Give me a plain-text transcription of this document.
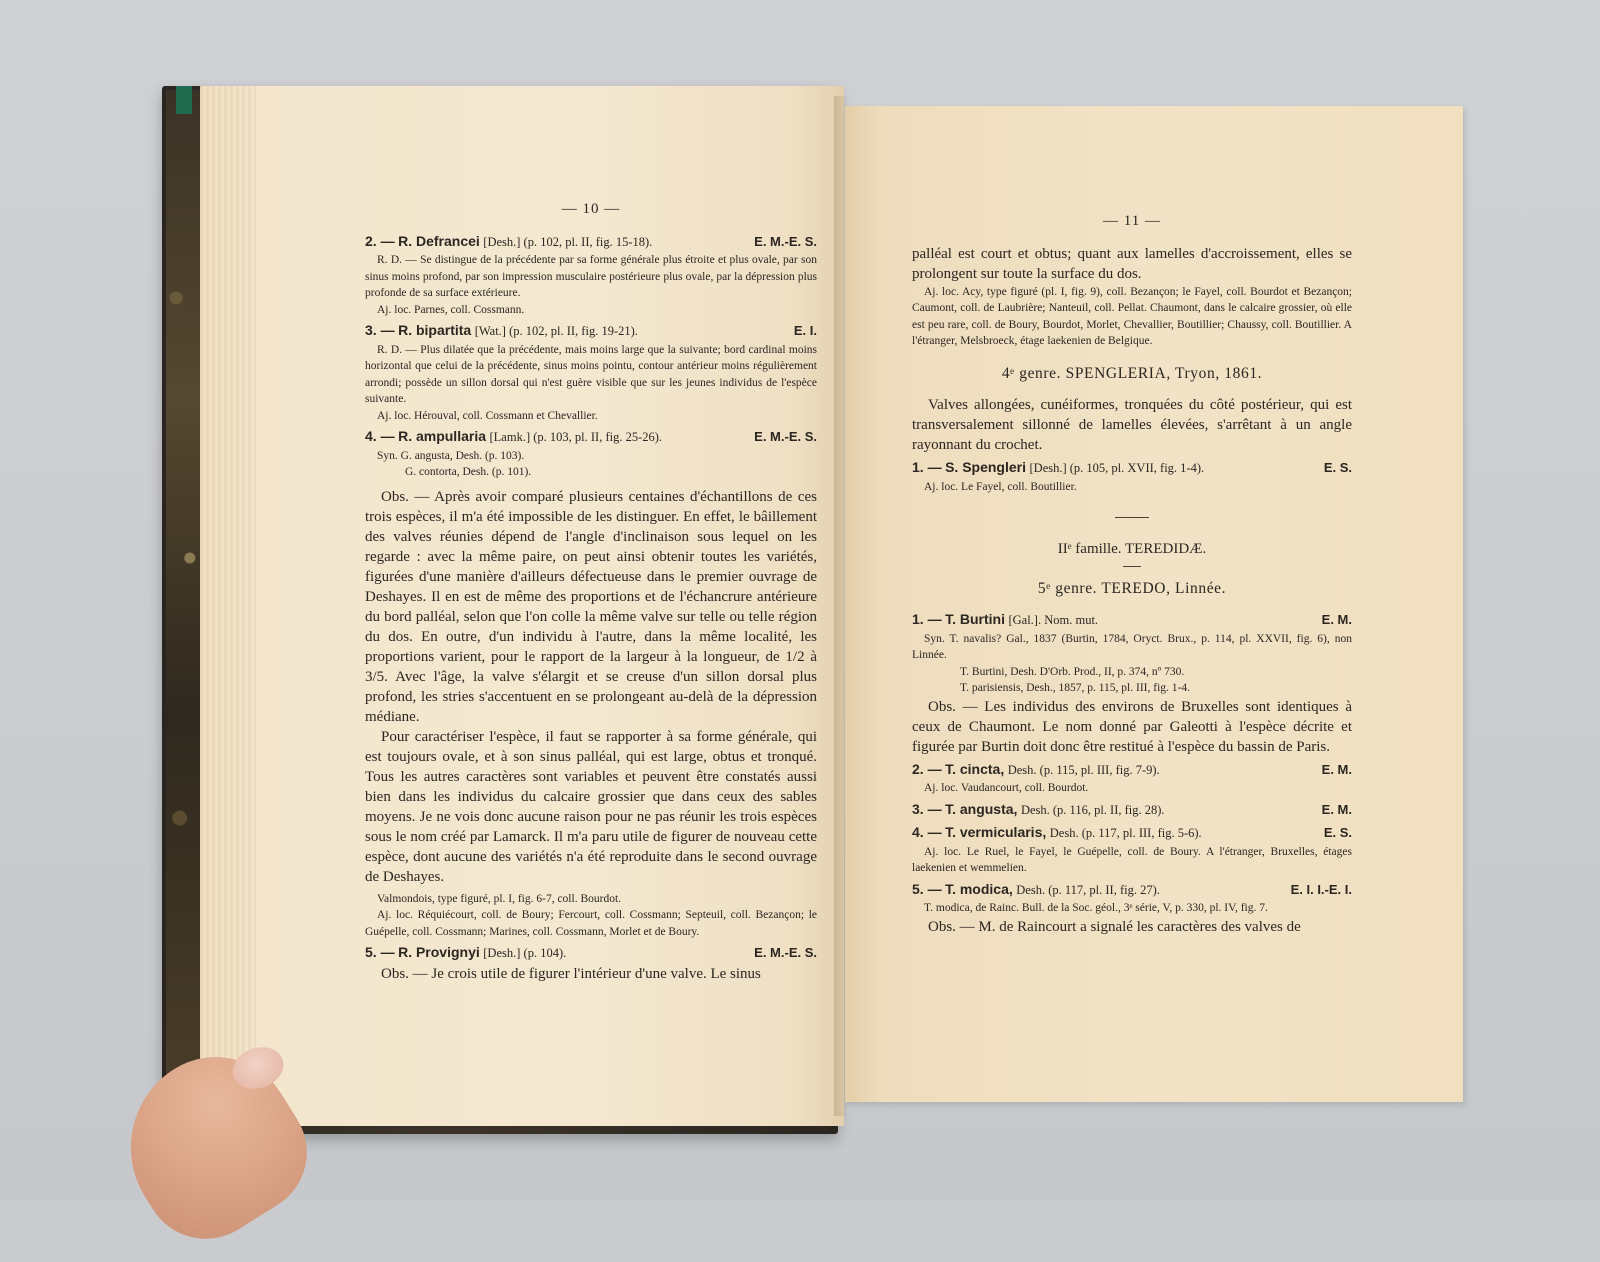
— 10 —
2. — R. Defrancei [Desh.] (p. 102, pl. II, fig. 15-18).	E. M.-E. S.
R. D. — Se distingue de la précédente par sa forme générale plus étroite et plus ovale, par son sinus moins profond, par son impression musculaire postérieure plus ovale, par la dépression plus profonde de sa surface extérieure.
Aj. loc. Parnes, coll. Cossmann.
3. — R. bipartita [Wat.] (p. 102, pl. II, fig. 19-21).	E. I.
R. D. — Plus dilatée que la précédente, mais moins large que la suivante; bord cardinal moins horizontal que celui de la précédente, sinus moins pointu, contour antérieur moins régulièrement arrondi; possède un sillon dorsal qui n'est guère visible que sur les jeunes individus de l'espèce suivante.
Aj. loc. Hérouval, coll. Cossmann et Chevallier.
4. — R. ampullaria [Lamk.] (p. 103, pl. II, fig. 25-26).	E. M.-E. S.
Syn. G. angusta, Desh. (p. 103).
G. contorta, Desh. (p. 101).
Obs. — Après avoir comparé plusieurs centaines d'échantillons de ces trois espèces, il m'a été impossible de les distinguer. En effet, le bâillement des valves réunies dépend de l'angle d'inclinaison sous lequel on les regarde : avec la même paire, on peut ainsi obtenir toutes les variétés, figurées d'une manière d'ailleurs défectueuse dans le premier ouvrage de Deshayes. Il en est de même des proportions et de l'échancrure antérieure du bord palléal, selon que l'on colle la même valve sur telle ou telle région du dos. En outre, d'un individu à l'autre, dans la même localité, les proportions varient, pour le rapport de la largeur à la longueur, de 1/2 à 3/5. Avec l'âge, la valve s'élargit et se creuse d'un sillon dorsal plus profond, les stries s'accentuent en se prolongeant au-delà de la dépression médiane.
Pour caractériser l'espèce, il faut se rapporter à sa forme générale, qui est toujours ovale, et à son sinus palléal, qui est large, obtus et tronqué. Tous les autres caractères sont variables et peuvent être constatés aussi bien dans les individus du calcaire grossier que dans ceux des sables moyens. Je ne vois donc aucune raison pour ne pas réunir les trois espèces sous le nom créé par Lamarck. Il m'a paru utile de figurer de nouveau cette espèce, dont aucune des variétés n'a été reproduite dans le second ouvrage de Deshayes.
Valmondois, type figuré, pl. I, fig. 6-7, coll. Bourdot.
Aj. loc. Réquiécourt, coll. de Boury; Fercourt, coll. Cossmann; Septeuil, coll. Bezançon; le Guépelle, coll. Cossmann; Marines, coll. Cossmann, Morlet et de Boury.
5. — R. Provignyi [Desh.] (p. 104).	E. M.-E. S.
Obs. — Je crois utile de figurer l'intérieur d'une valve. Le sinus
— 11 —
palléal est court et obtus; quant aux lamelles d'accroissement, elles se prolongent sur toute la surface du dos.
Aj. loc. Acy, type figuré (pl. I, fig. 9), coll. Bezançon; le Fayel, coll. Bourdot et Bezançon; Caumont, coll. de Laubrière; Nanteuil, coll. Pellat. Chaumont, dans le calcaire grossier, où elle est peu rare, coll. de Boury, Bourdot, Morlet, Chevallier, Boutillier; Chaussy, coll. Boutillier. A l'étranger, Melsbroeck, étage laekenien de Belgique.
4ᵉ genre. SPENGLERIA, Tryon, 1861.
Valves allongées, cunéiformes, tronquées du côté postérieur, qui est transversalement sillonné de lamelles élevées, s'arrêtant à un angle rayonnant du crochet.
1. — S. Spengleri [Desh.] (p. 105, pl. XVII, fig. 1-4).	E. S.
Aj. loc. Le Fayel, coll. Boutillier.
IIᵉ famille. TEREDIDÆ.
5ᵉ genre. TEREDO, Linnée.
1. — T. Burtini [Gal.]. Nom. mut.	E. M.
Syn. T. navalis? Gal., 1837 (Burtin, 1784, Oryct. Brux., p. 114, pl. XXVII, fig. 6), non Linnée.
T. Burtini, Desh. D'Orb. Prod., II, p. 374, nº 730.
T. parisiensis, Desh., 1857, p. 115, pl. III, fig. 1-4.
Obs. — Les individus des environs de Bruxelles sont identiques à ceux de Chaumont. Le nom donné par Galeotti à l'espèce décrite et figurée par Burtin doit donc être restitué à l'espèce du bassin de Paris.
2. — T. cincta, Desh. (p. 115, pl. III, fig. 7-9).	E. M.
Aj. loc. Vaudancourt, coll. Bourdot.
3. — T. angusta, Desh. (p. 116, pl. II, fig. 28).	E. M.
4. — T. vermicularis, Desh. (p. 117, pl. III, fig. 5-6).	E. S.
Aj. loc. Le Ruel, le Fayel, le Guépelle, coll. de Boury. A l'étranger, Bruxelles, étages laekenien et wemmelien.
5. — T. modica, Desh. (p. 117, pl. II, fig. 27).	E. I. I.-E. I.
T. modica, de Rainc. Bull. de la Soc. géol., 3ᵉ série, V, p. 330, pl. IV, fig. 7.
Obs. — M. de Raincourt a signalé les caractères des valves de
